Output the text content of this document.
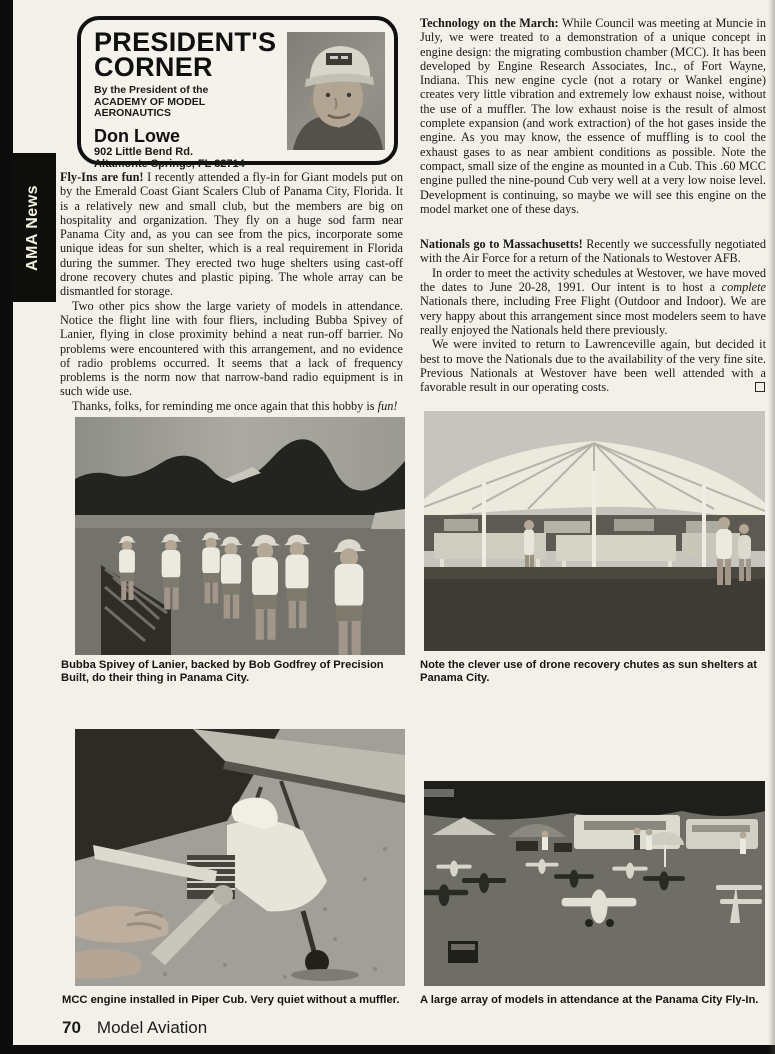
AMA News
PRESIDENT'S
CORNER
By the President of the
ACADEMY OF MODEL AERONAUTICS
Don Lowe
902 Little Bend Rd.
Altamonte Springs, FL 32714

Fly-Ins are fun! I recently attended a fly-in for Giant models put on by the Emerald Coast Giant Scalers Club of Panama City, Florida. It is a relatively new and small club, but the members are big on hospitality and organization. They fly on a huge sod farm near Panama City and, as you can see from the pics, incorporate some unique ideas for sun shelter, which is a real requirement in Florida during the summer. They erected two huge shelters using cast-off drone recovery chutes and plastic piping. The whole array can be dismantled for storage.

Two other pics show the large variety of models in attendance. Notice the flight line with four fliers, including Bubba Spivey of Lanier, flying in close proximity behind a neat run-off barrier. No problems were encountered with this arrangement, and no evidence of radio problems occurred. It seems that a lack of frequency problems is the norm now that narrow-band radio equipment is in such wide use.

Thanks, folks, for reminding me once again that this hobby is fun!

Technology on the March: While Council was meeting at Muncie in July, we were treated to a demonstration of a unique concept in engine design: the migrating combustion chamber (MCC). It has been developed by Engine Research Associates, Inc., of Fort Wayne, Indiana. This new engine cycle (not a rotary or Wankel engine) creates very little vibration and extremely low exhaust noise, without the use of a muffler. The low exhaust noise is the result of almost complete expansion (and work extraction) of the hot gases inside the engine. As you may know, the essence of muffling is to cool the exhaust gases to as near ambient conditions as possible. Note the compact, small size of the engine as mounted in a Cub. This .60 MCC engine pulled the nine-pound Cub very well at a very low noise level. Development is continuing, so maybe we will see this engine on the model market one of these days.

Nationals go to Massachusetts! Recently we successfully negotiated with the Air Force for a return of the Nationals to Westover AFB.

In order to meet the activity schedules at Westover, we have moved the dates to June 20-28, 1991. Our intent is to host a complete Nationals there, including Free Flight (Outdoor and Indoor). We are very happy about this arrangement since most modelers seem to have really enjoyed the Nationals held there previously.

We were invited to return to Lawrenceville again, but decided it best to move the Nationals due to the availability of the very fine site. Previous Nationals at Westover have been well attended with a favorable result in our operating costs.

Bubba Spivey of Lanier, backed by Bob Godfrey of Precision Built, do their thing in Panama City.
Note the clever use of drone recovery chutes as sun shelters at Panama City.
MCC engine installed in Piper Cub. Very quiet without a muffler.	A large array of models in attendance at the Panama City Fly-In.
70 Model Aviation
